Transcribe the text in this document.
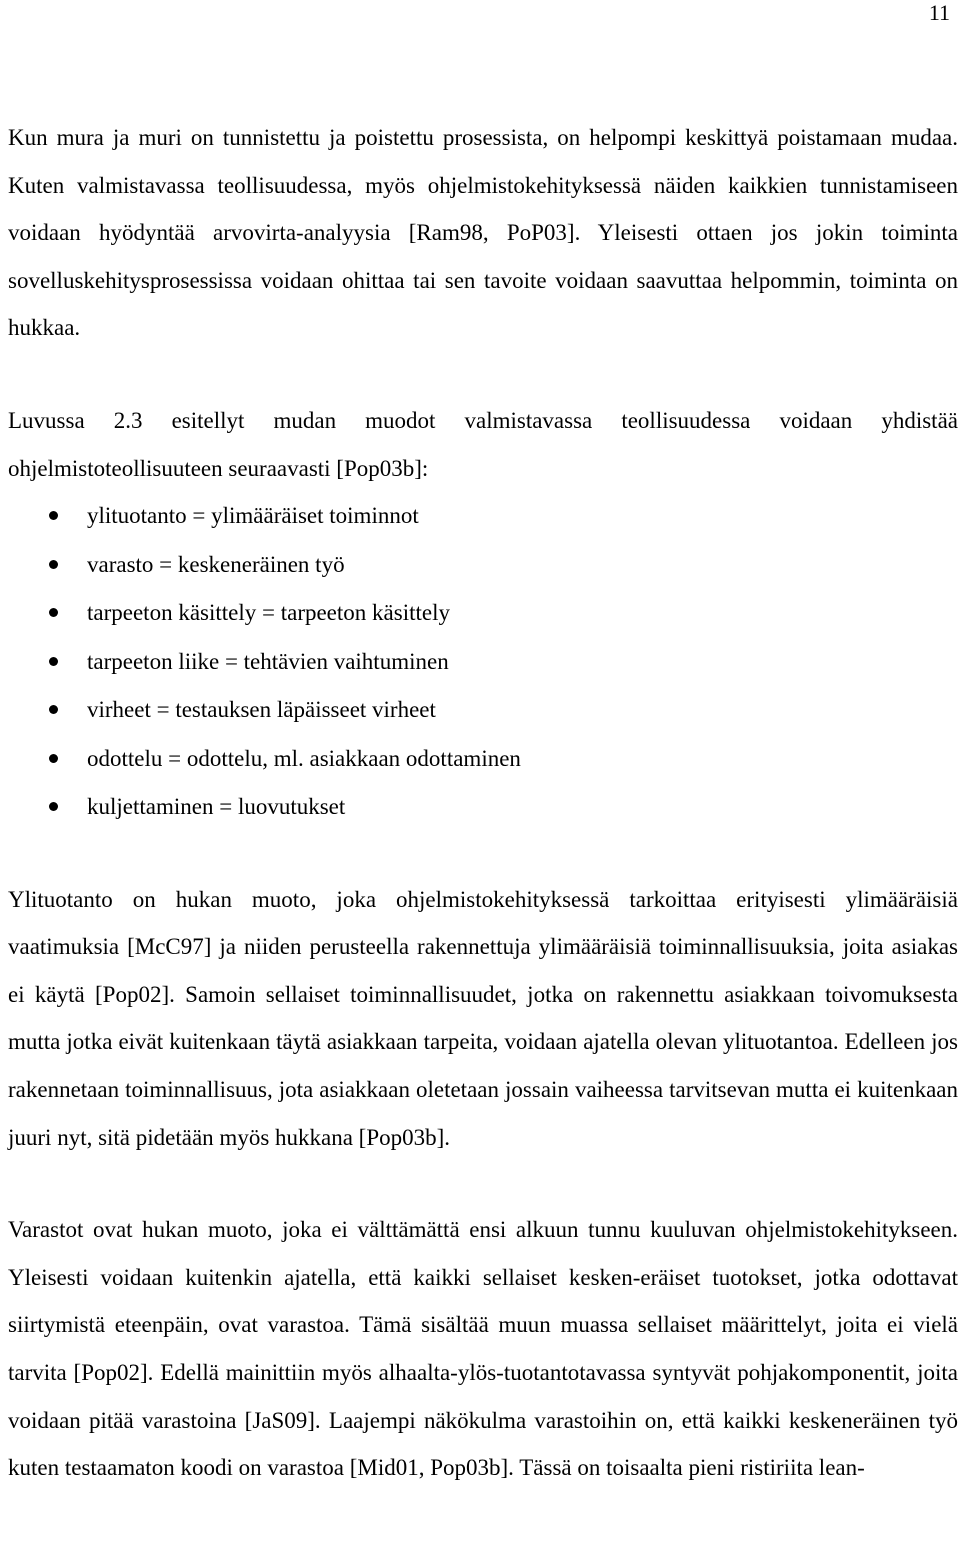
11

Kun mura ja muri on tunnistettu ja poistettu prosessista, on helpompi keskittyä poistamaan mudaa. Kuten valmistavassa teollisuudessa, myös ohjelmistokehityksessä näiden kaikkien tunnistamiseen voidaan hyödyntää arvovirta-analyysia [Ram98, PoP03]. Yleisesti ottaen jos jokin toiminta sovelluskehitysprosessissa voidaan ohittaa tai sen tavoite voidaan saavuttaa helpommin, toiminta on hukkaa.

Luvussa 2.3 esitellyt mudan muodot valmistavassa teollisuudessa voidaan yhdistää ohjelmistoteollisuuteen seuraavasti [Pop03b]:

ylituotanto = ylimääräiset toiminnot
varasto = keskeneräinen työ
tarpeeton käsittely = tarpeeton käsittely
tarpeeton liike = tehtävien vaihtuminen
virheet = testauksen läpäisseet virheet
odottelu = odottelu, ml. asiakkaan odottaminen
kuljettaminen = luovutukset

Ylituotanto on hukan muoto, joka ohjelmistokehityksessä tarkoittaa erityisesti ylimääräisiä vaatimuksia [McC97] ja niiden perusteella rakennettuja ylimääräisiä toiminnallisuuksia, joita asiakas ei käytä [Pop02]. Samoin sellaiset toiminnallisuudet, jotka on rakennettu asiakkaan toivomuksesta mutta jotka eivät kuitenkaan täytä asiakkaan tarpeita, voidaan ajatella olevan ylituotantoa. Edelleen jos rakennetaan toiminnallisuus, jota asiakkaan oletetaan jossain vaiheessa tarvitsevan mutta ei kuitenkaan juuri nyt, sitä pidetään myös hukkana [Pop03b].

Varastot ovat hukan muoto, joka ei välttämättä ensi alkuun tunnu kuuluvan ohjelmistokehitykseen. Yleisesti voidaan kuitenkin ajatella, että kaikki sellaiset kesken-eräiset tuotokset, jotka odottavat siirtymistä eteenpäin, ovat varastoa. Tämä sisältää muun muassa sellaiset määrittelyt, joita ei vielä tarvita [Pop02]. Edellä mainittiin myös alhaalta-ylös-tuotantotavassa syntyvät pohjakomponentit, joita voidaan pitää varastoina [JaS09]. Laajempi näkökulma varastoihin on, että kaikki keskeneräinen työ kuten testaamaton koodi on varastoa [Mid01, Pop03b]. Tässä on toisaalta pieni ristiriita lean-
